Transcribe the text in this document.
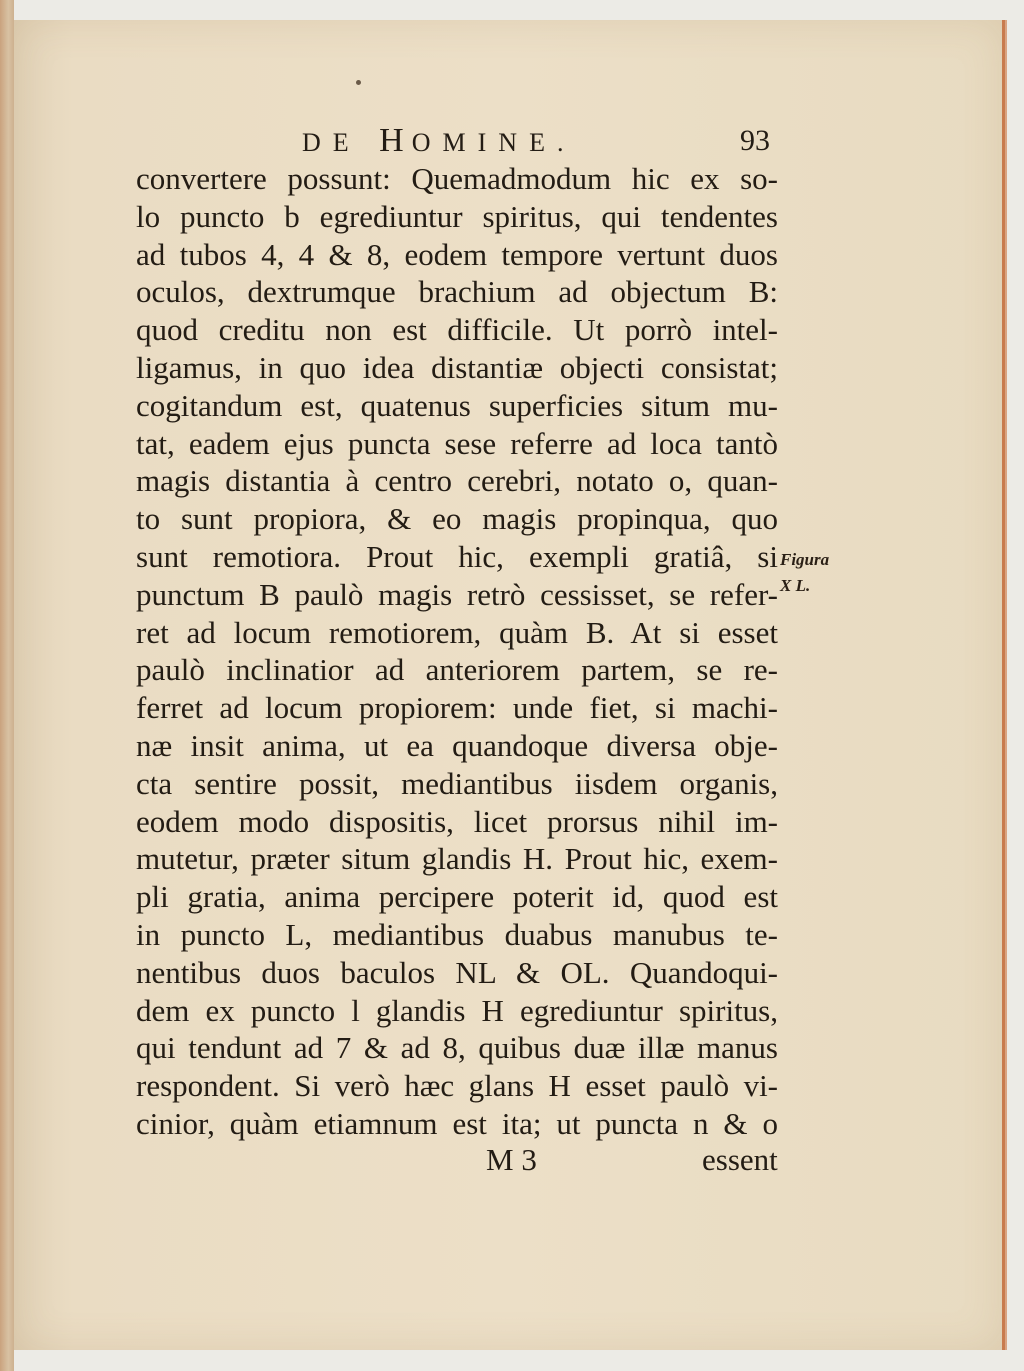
DE HOMINE.	93
convertere possunt: Quemadmodum hic ex so-
lo puncto b egrediuntur spiritus, qui tendentes
ad tubos 4, 4 & 8, eodem tempore vertunt duos
oculos, dextrumque brachium ad objectum B:
quod creditu non est difficile. Ut porrò intel-
ligamus, in quo idea distantiæ objecti consistat;
cogitandum est, quatenus superficies situm mu-
tat, eadem ejus puncta sese referre ad loca tantò
magis distantia à centro cerebri, notato o, quan-
to sunt propiora, & eo magis propinqua, quo
sunt remotiora. Prout hic, exempli gratiâ, si
punctum B paulò magis retrò cessisset, se refer-
ret ad locum remotiorem, quàm B. At si esset
paulò inclinatior ad anteriorem partem, se re-
ferret ad locum propiorem: unde fiet, si machi-
næ insit anima, ut ea quandoque diversa obje-
cta sentire possit, mediantibus iisdem organis,
eodem modo dispositis, licet prorsus nihil im-
mutetur, præter situm glandis H. Prout hic, exem-
pli gratia, anima percipere poterit id, quod est
in puncto L, mediantibus duabus manubus te-
nentibus duos baculos NL & OL. Quandoqui-
dem ex puncto l glandis H egrediuntur spiritus,
qui tendunt ad 7 & ad 8, quibus duæ illæ manus
respondent. Si verò hæc glans H esset paulò vi-
cinior, quàm etiamnum est ita; ut puncta n & o
Figura
X L.
M 3	essent
